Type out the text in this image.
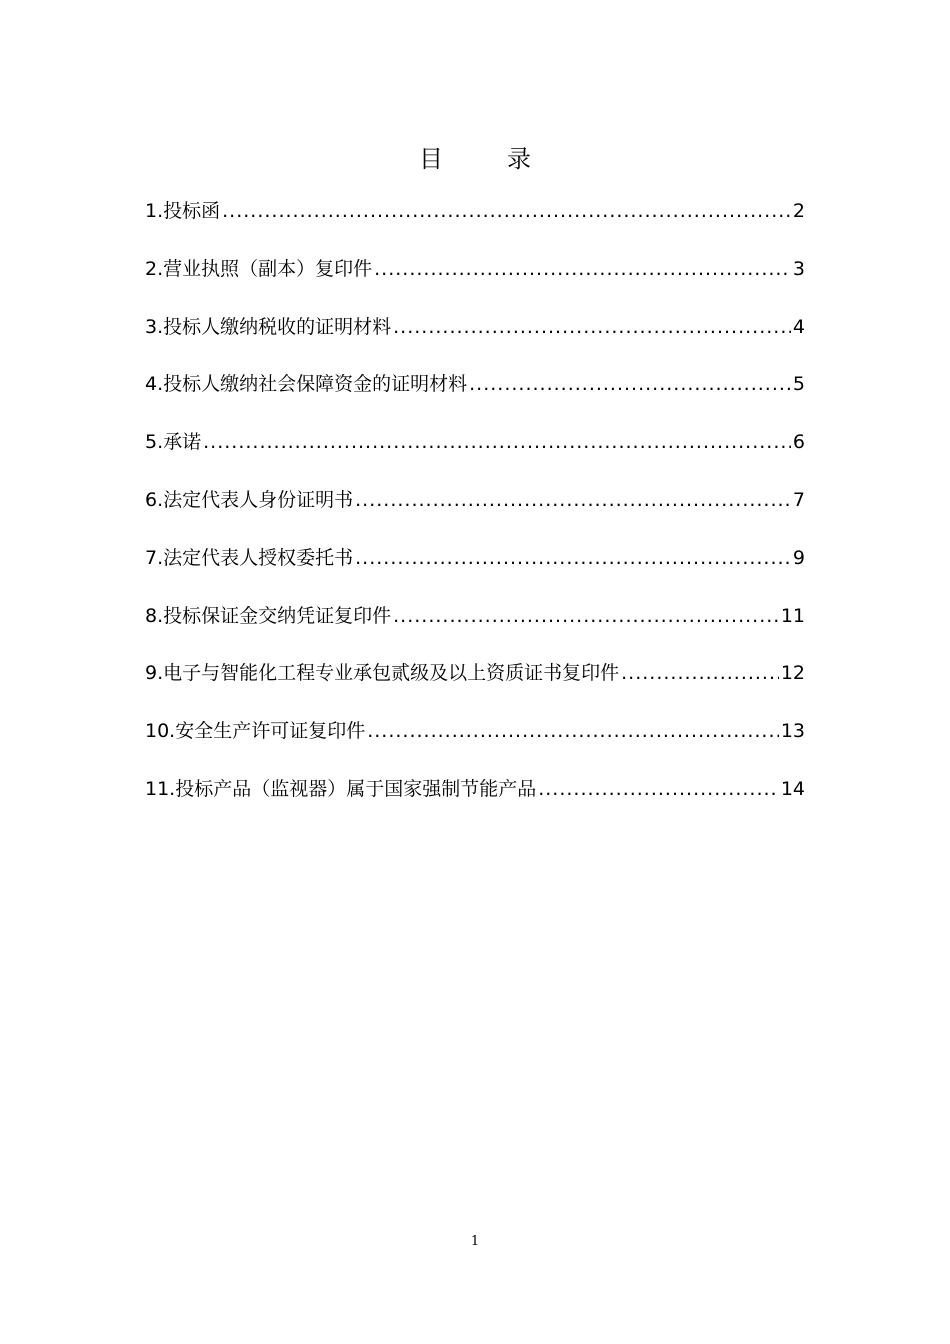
目	录
1.投标函 .....	2
2.营业执照（副本）复印件 .....	3
3.投标人缴纳税收的证明材料 .....	4
4.投标人缴纳社会保障资金的证明材料 .....	5
5.承诺 .....	6
6.法定代表人身份证明书 .....	7
7.法定代表人授权委托书 .....	9
8.投标保证金交纳凭证复印件 .....	11
9.电子与智能化工程专业承包贰级及以上资质证书复印件 .....	12
10.安全生产许可证复印件 .....	13
11.投标产品（监视器）属于国家强制节能产品 .....	14
1
